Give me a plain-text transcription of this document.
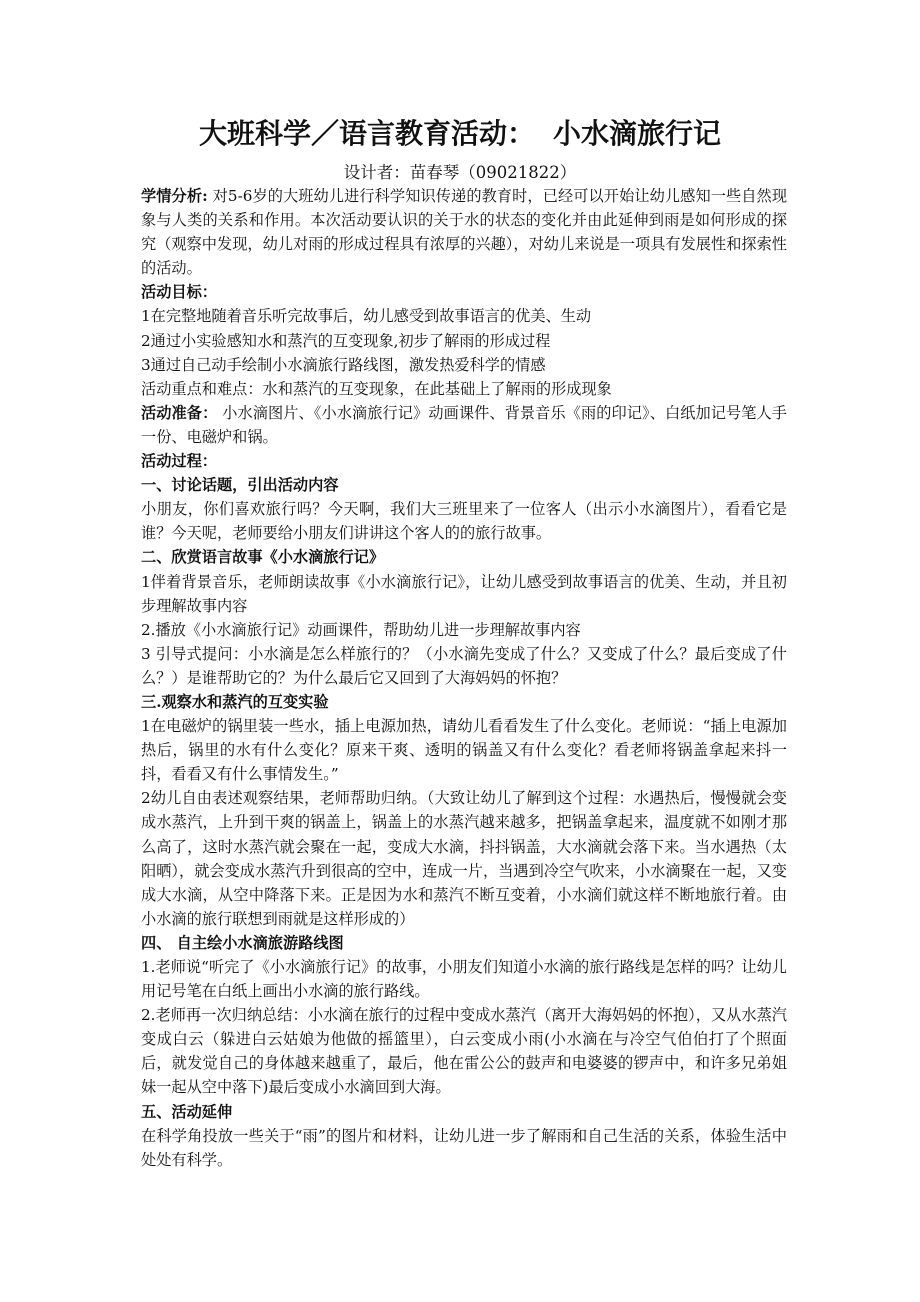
大班科学／语言教育活动： 小水滴旅行记
设计者：苗春琴（09021822）

学情分析: 对5-6岁的大班幼儿进行科学知识传递的教育时，已经可以开始让幼儿感知一些自然现象与人类的关系和作用。本次活动要认识的关于水的状态的变化并由此延伸到雨是如何形成的探究（观察中发现，幼儿对雨的形成过程具有浓厚的兴趣），对幼儿来说是一项具有发展性和探索性的活动。

活动目标：

1在完整地随着音乐听完故事后，幼儿感受到故事语言的优美、生动

2通过小实验感知水和蒸汽的互变现象,初步了解雨的形成过程

3通过自己动手绘制小水滴旅行路线图，激发热爱科学的情感

活动重点和难点：水和蒸汽的互变现象，在此基础上了解雨的形成现象

活动准备： 小水滴图片、《小水滴旅行记》动画课件、背景音乐《雨的印记》、白纸加记号笔人手一份、电磁炉和锅。

活动过程：

一、讨论话题，引出活动内容

小朋友，你们喜欢旅行吗？今天啊，我们大三班里来了一位客人（出示小水滴图片），看看它是谁？今天呢，老师要给小朋友们讲讲这个客人的的旅行故事。

二、欣赏语言故事《小水滴旅行记》

1伴着背景音乐，老师朗读故事《小水滴旅行记》，让幼儿感受到故事语言的优美、生动，并且初步理解故事内容

2.播放《小水滴旅行记》动画课件，帮助幼儿进一步理解故事内容

3 引导式提问：小水滴是怎么样旅行的？（小水滴先变成了什么？又变成了什么？最后变成了什么？）是谁帮助它的？为什么最后它又回到了大海妈妈的怀抱？

三.观察水和蒸汽的互变实验

1在电磁炉的锅里装一些水，插上电源加热，请幼儿看看发生了什么变化。老师说：“插上电源加热后，锅里的水有什么变化？原来干爽、透明的锅盖又有什么变化？看老师将锅盖拿起来抖一抖，看看又有什么事情发生。”

2幼儿自由表述观察结果，老师帮助归纳。（大致让幼儿了解到这个过程：水遇热后，慢慢就会变成水蒸汽，上升到干爽的锅盖上，锅盖上的水蒸汽越来越多，把锅盖拿起来，温度就不如刚才那么高了，这时水蒸汽就会聚在一起，变成大水滴，抖抖锅盖，大水滴就会落下来。当水遇热（太阳晒），就会变成水蒸汽升到很高的空中，连成一片，当遇到冷空气吹来，小水滴聚在一起，又变成大水滴，从空中降落下来。正是因为水和蒸汽不断互变着，小水滴们就这样不断地旅行着。由小水滴的旅行联想到雨就是这样形成的）

四、 自主绘小水滴旅游路线图

1.老师说“听完了《小水滴旅行记》的故事，小朋友们知道小水滴的旅行路线是怎样的吗？让幼儿用记号笔在白纸上画出小水滴的旅行路线。

2.老师再一次归纳总结：小水滴在旅行的过程中变成水蒸汽（离开大海妈妈的怀抱），又从水蒸汽变成白云（躲进白云姑娘为他做的摇篮里），白云变成小雨(小水滴在与冷空气伯伯打了个照面后，就发觉自己的身体越来越重了，最后，他在雷公公的鼓声和电婆婆的锣声中，和许多兄弟姐妹一起从空中落下)最后变成小水滴回到大海。

五、活动延伸

在科学角投放一些关于“雨”的图片和材料，让幼儿进一步了解雨和自己生活的关系，体验生活中处处有科学。
